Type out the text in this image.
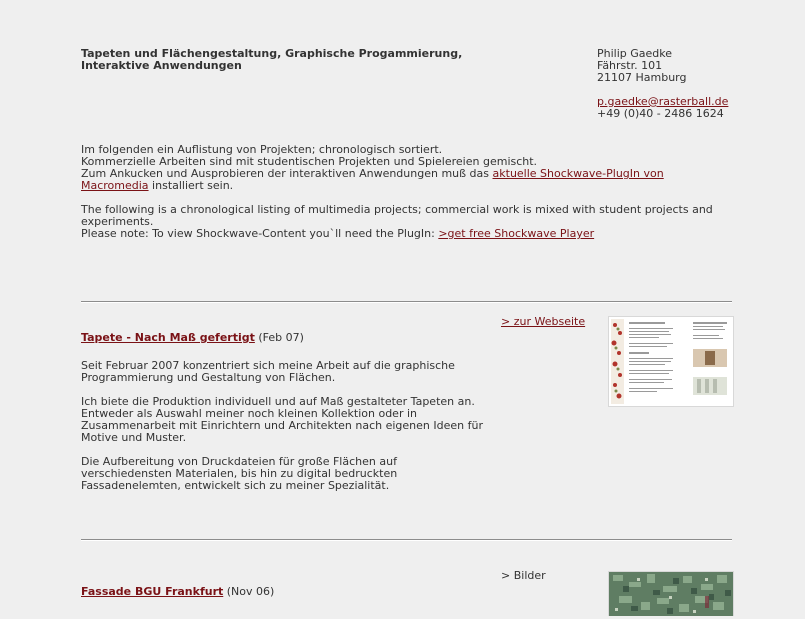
Tapeten und Flächengestaltung, Graphische Progammierung,
Interaktive Anwendungen
Philip Gaedke
Fährstr. 101
21107 Hamburg
p.gaedke@rasterball.de
+49 (0)40 - 2486 1624

Im folgenden ein Auflistung von Projekten; chronologisch sortiert.
Kommerzielle Arbeiten sind mit studentischen Projekten und Spielereien gemischt.
Zum Ankucken und Ausprobieren der interaktiven Anwendungen muß das aktuelle Shockwave-PlugIn von Macromedia installiert sein.

The following is a chronological listing of multimedia projects; commercial work is mixed with student projects and experiments.
Please note: To view Shockwave-Content you`ll need the PlugIn: >get free Shockwave Player

> zur Webseite

Tapete - Nach Maß gefertigt (Feb 07)

Seit Februar 2007 konzentriert sich meine Arbeit auf die graphische Programmierung und Gestaltung von Flächen.

Ich biete die Produktion individuell und auf Maß gestalteter Tapeten an. Entweder als Auswahl meiner noch kleinen Kollektion oder in Zusammenarbeit mit Einrichtern und Architekten nach eigenen Ideen für Motive und Muster.

Die Aufbereitung von Druckdateien für große Flächen auf verschiedensten Materialen, bis hin zu digital bedruckten Fassadenelemten, entwickelt sich zu meiner Spezialität.

> Bilder
Fassade BGU Frankfurt (Nov 06)
